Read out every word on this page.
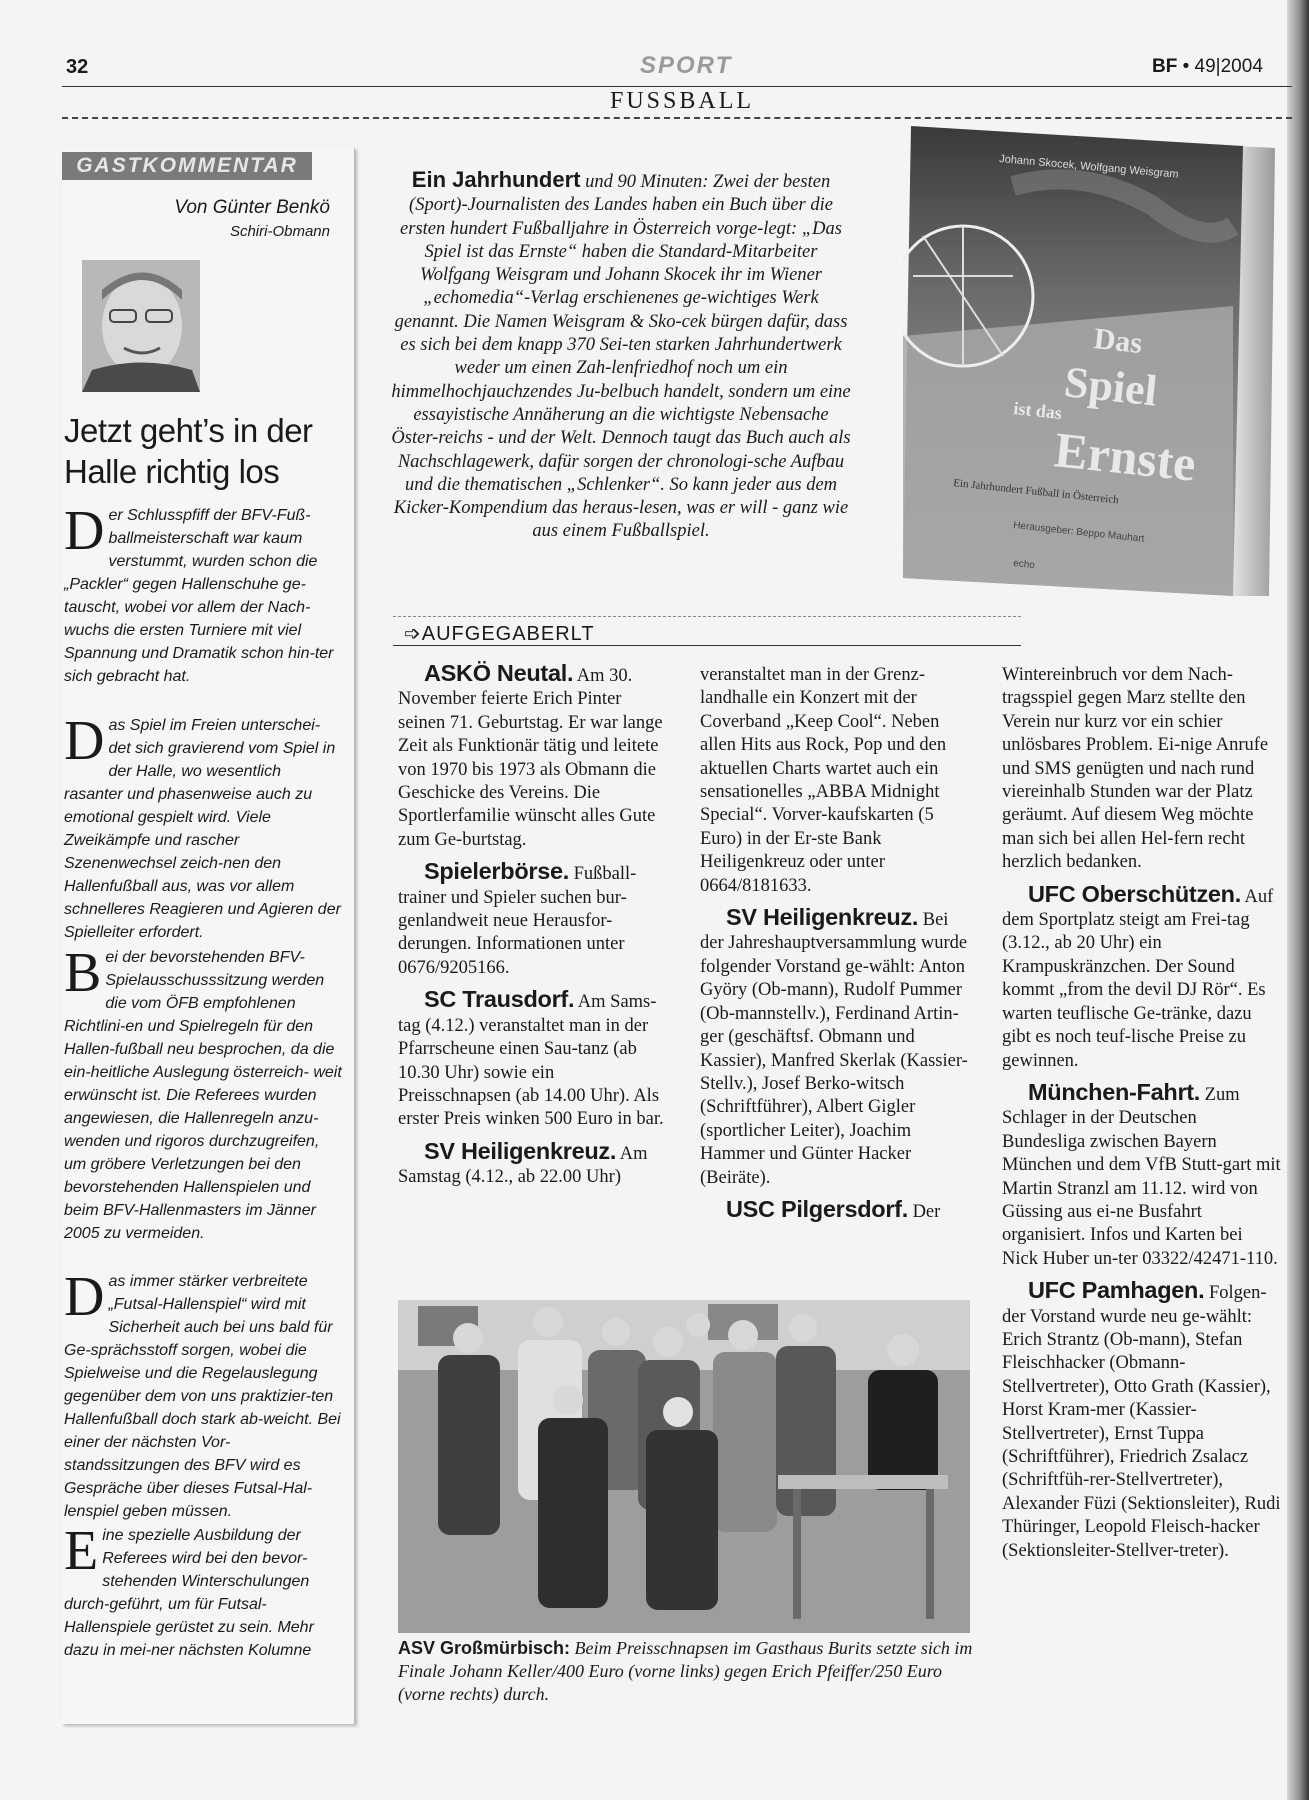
32	SPORT	BF • 49|2004
FUSSBALL
GASTKOMMENTAR
Von Günter Benkö
Schiri-Obmann
Jetzt geht’s in der
Halle richtig los
Der Schlusspfiff der BFV-Fuß-ballmeisterschaft war kaum verstummt, wurden schon die „Packler“ gegen Hallenschuhe ge-tauscht, wobei vor allem der Nach-wuchs die ersten Turniere mit viel Spannung und Dramatik schon hin-ter sich gebracht hat.
Das Spiel im Freien unterschei-det sich gravierend vom Spiel in der Halle, wo wesentlich rasanter und phasenweise auch zu emotional gespielt wird. Viele Zweikämpfe und rascher Szenenwechsel zeich-nen den Hallenfußball aus, was vor allem schnelleres Reagieren und Agieren der Spielleiter erfordert.
Bei der bevorstehenden BFV-Spielausschusssitzung werden die vom ÖFB empfohlenen Richtlini-en und Spielregeln für den Hallen-fußball neu besprochen, da die ein-heitliche Auslegung österreich- weit erwünscht ist. Die Referees wurden angewiesen, die Hallenregeln anzu-wenden und rigoros durchzugreifen, um gröbere Verletzungen bei den bevorstehenden Hallenspielen und beim BFV-Hallenmasters im Jänner 2005 zu vermeiden.
Das immer stärker verbreitete „Futsal-Hallenspiel“ wird mit Sicherheit auch bei uns bald für Ge-sprächsstoff sorgen, wobei die Spielweise und die Regelauslegung gegenüber dem von uns praktizier-ten Hallenfußball doch stark ab-weicht. Bei einer der nächsten Vor-standssitzungen des BFV wird es Gespräche über dieses Futsal-Hal-lenspiel geben müssen.
Eine spezielle Ausbildung der Referees wird bei den bevor-stehenden Winterschulungen durch-geführt, um für Futsal-Hallenspiele gerüstet zu sein. Mehr dazu in mei-ner nächsten Kolumne
Ein Jahrhundert und 90 Minuten: Zwei der besten (Sport)-Journalisten des Landes haben ein Buch über die ersten hundert Fußballjahre in Österreich vorge-legt: „Das Spiel ist das Ernste“ haben die Standard-Mitarbeiter Wolfgang Weisgram und Johann Skocek ihr im Wiener „echomedia“-Verlag erschienenes ge-wichtiges Werk genannt. Die Namen Weisgram & Sko-cek bürgen dafür, dass es sich bei dem knapp 370 Sei-ten starken Jahrhundertwerk weder um einen Zah-lenfriedhof noch um ein himmelhochjauchzendes Ju-belbuch handelt, sondern um eine essayistische Annäherung an die wichtigste Nebensache Öster-reichs - und der Welt. Dennoch taugt das Buch auch als Nachschlagewerk, dafür sorgen der chronologi-sche Aufbau und die thematischen „Schlenker“. So kann jeder aus dem Kicker-Kompendium das heraus-lesen, was er will - ganz wie aus einem Fußballspiel.
Johann Skocek, Wolfgang Weisgram
Das
Spiel
ist das
Ernste
Ein Jahrhundert Fußball in Österreich
Herausgeber: Beppo Mauhart
echo
➩AUFGEGABERLT

ASKÖ Neutal. Am 30. November feierte Erich Pinter seinen 71. Geburtstag. Er war lange Zeit als Funktionär tätig und leitete von 1970 bis 1973 als Obmann die Geschicke des Vereins. Die Sportlerfamilie wünscht alles Gute zum Ge-burtstag.

Spielerbörse. Fußball-trainer und Spieler suchen bur-genlandweit neue Herausfor-derungen. Informationen unter 0676/9205166.

SC Trausdorf. Am Sams-tag (4.12.) veranstaltet man in der Pfarrscheune einen Sau-tanz (ab 10.30 Uhr) sowie ein Preisschnapsen (ab 14.00 Uhr). Als erster Preis winken 500 Euro in bar.

SV Heiligenkreuz. Am Samstag (4.12., ab 22.00 Uhr)

veranstaltet man in der Grenz-landhalle ein Konzert mit der Coverband „Keep Cool“. Neben allen Hits aus Rock, Pop und den aktuellen Charts wartet auch ein sensationelles „ABBA Midnight Special“. Vorver-kaufskarten (5 Euro) in der Er-ste Bank Heiligenkreuz oder unter 0664/8181633.

SV Heiligenkreuz. Bei der Jahreshauptversammlung wurde folgender Vorstand ge-wählt: Anton Györy (Ob-mann), Rudolf Pummer (Ob-mannstellv.), Ferdinand Artin-ger (geschäftsf. Obmann und Kassier), Manfred Skerlak (Kassier-Stellv.), Josef Berko-witsch (Schriftführer), Albert Gigler (sportlicher Leiter), Joachim Hammer und Günter Hacker (Beiräte).

USC Pilgersdorf. Der

Wintereinbruch vor dem Nach-tragsspiel gegen Marz stellte den Verein nur kurz vor ein schier unlösbares Problem. Ei-nige Anrufe und SMS genügten und nach rund viereinhalb Stunden war der Platz geräumt. Auf diesem Weg möchte man sich bei allen Hel-fern recht herzlich bedanken.

UFC Oberschützen. Auf dem Sportplatz steigt am Frei-tag (3.12., ab 20 Uhr) ein Krampuskränzchen. Der Sound kommt „from the devil DJ Rör“. Es warten teuflische Ge-tränke, dazu gibt es noch teuf-lische Preise zu gewinnen.

München-Fahrt. Zum Schlager in der Deutschen Bundesliga zwischen Bayern München und dem VfB Stutt-gart mit Martin Stranzl am 11.12. wird von Güssing aus ei-ne Busfahrt organisiert. Infos und Karten bei Nick Huber un-ter 03322/42471-110.

UFC Pamhagen. Folgen-der Vorstand wurde neu ge-wählt: Erich Strantz (Ob-mann), Stefan Fleischhacker (Obmann-Stellvertreter), Otto Grath (Kassier), Horst Kram-mer (Kassier-Stellvertreter), Ernst Tuppa (Schriftführer), Friedrich Zsalacz (Schriftfüh-rer-Stellvertreter), Alexander Füzi (Sektionsleiter), Rudi Thüringer, Leopold Fleisch-hacker (Sektionsleiter-Stellver-treter).

ASV Großmürbisch: Beim Preisschnapsen im Gasthaus Burits setzte sich im Finale Johann Keller/400 Euro (vorne links) gegen Erich Pfeiffer/250 Euro (vorne rechts) durch.
